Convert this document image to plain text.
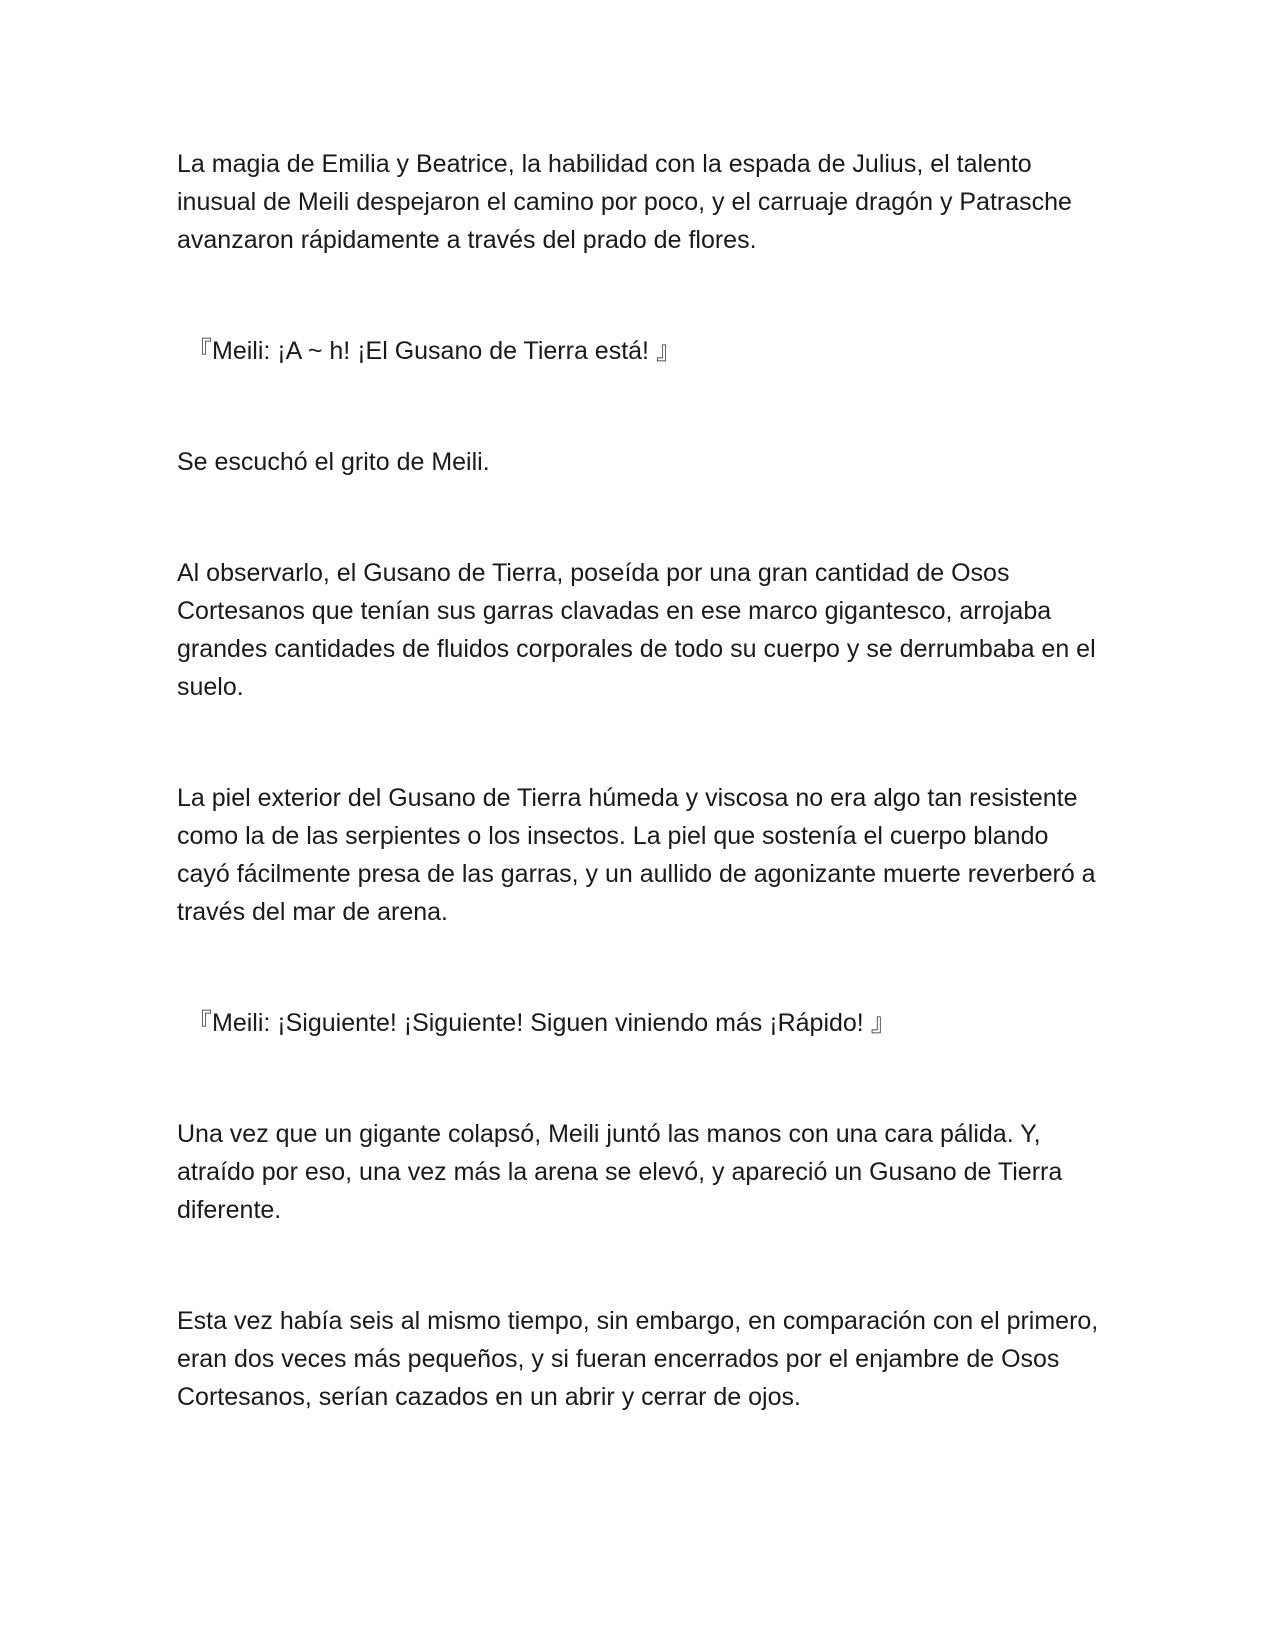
La magia de Emilia y Beatrice, la habilidad con la espada de Julius, el talento inusual de Meili despejaron el camino por poco, y el carruaje dragón y Patrasche avanzaron rápidamente a través del prado de flores.

『Meili: ¡A ~ h! ¡El Gusano de Tierra está! 』

Se escuchó el grito de Meili.

Al observarlo, el Gusano de Tierra, poseída por una gran cantidad de Osos Cortesanos que tenían sus garras clavadas en ese marco gigantesco, arrojaba grandes cantidades de fluidos corporales de todo su cuerpo y se derrumbaba en el suelo.

La piel exterior del Gusano de Tierra húmeda y viscosa no era algo tan resistente como la de las serpientes o los insectos. La piel que sostenía el cuerpo blando cayó fácilmente presa de las garras, y un aullido de agonizante muerte reverberó a través del mar de arena.

『Meili: ¡Siguiente! ¡Siguiente! Siguen viniendo más ¡Rápido! 』

Una vez que un gigante colapsó, Meili juntó las manos con una cara pálida. Y, atraído por eso, una vez más la arena se elevó, y apareció un Gusano de Tierra diferente.

Esta vez había seis al mismo tiempo, sin embargo, en comparación con el primero, eran dos veces más pequeños, y si fueran encerrados por el enjambre de Osos Cortesanos, serían cazados en un abrir y cerrar de ojos.
